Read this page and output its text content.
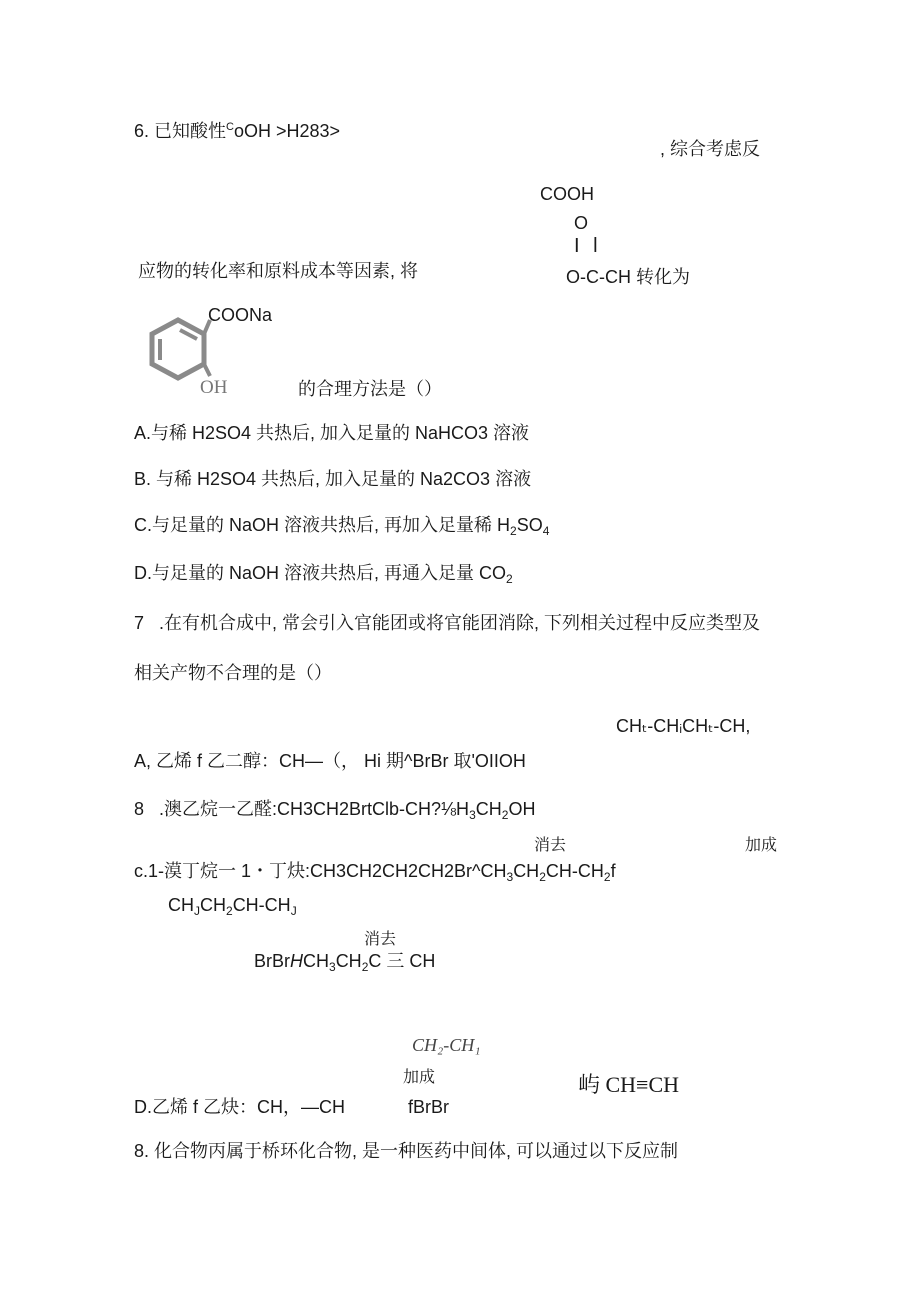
6. 已知酸性$^C$oOH >H283>
, 综合考虑反
COOH
O
I l
应物的转化率和原料成本等因素, 将	O-C-CH 转化为
COONa
OH	的合理方法是（）
A.与稀 H2SO4 共热后, 加入足量的 NaHCO3 溶液
B. 与稀 H2SO4 共热后, 加入足量的 Na2CO3 溶液
C.与足量的 NaOH 溶液共热后, 再加入足量稀 $H_2SO_4$
D.与足量的 NaOH 溶液共热后, 再通入足量 $CO_2$
7   .在有机合成中, 常会引入官能团或将官能团消除, 下列相关过程中反应类型及
相关产物不合理的是（）
CHₜ-CHᵢCHₜ-CH,
A, 乙烯 f 乙二醇：CH—（， Hi 期^BrBr 取'OIIOH
8   .澳乙烷一乙醛$:CH3CH2BrtClb-CH?\frac{1}{8}H_3CH_2OH$
消去	加成
c.1-漠丁烷一 1・丁炔$:CH3CH2CH2CH2Br\^{}CH_3CH_2CH-CH_2f$
$CH_JCH_2CH-CH_J$
消去
$BrBrHCH_3CH_2C$ 三 CH
CH₂-CH₁
加成	屿 CH≡CH
D.乙烯 f 乙炔：CH，—CH	fBrBr
8. 化合物丙属于桥环化合物, 是一种医药中间体, 可以通过以下反应制
